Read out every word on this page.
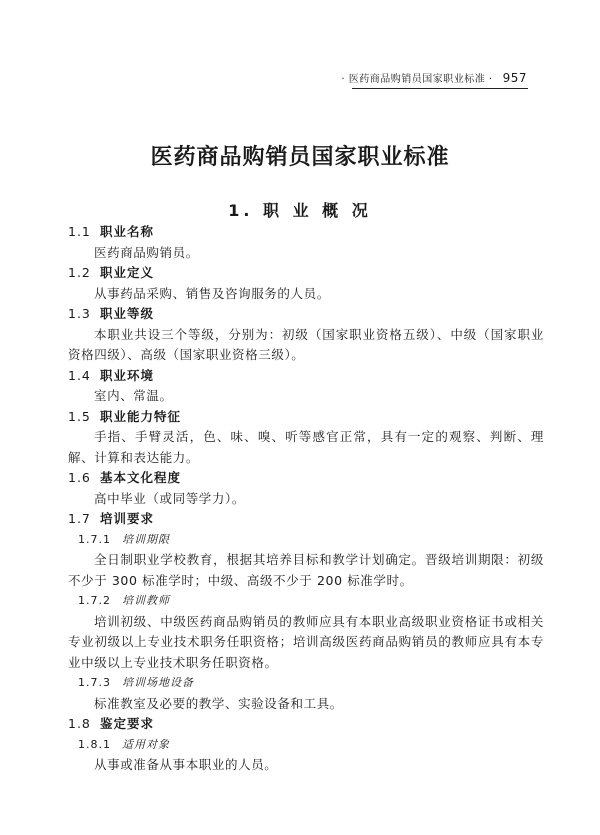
· 医药商品购销员国家职业标准 · 957
医药商品购销员国家职业标准
1. 职 业 概 况
1.1 职业名称
医药商品购销员。
1.2 职业定义
从事药品采购、销售及咨询服务的人员。
1.3 职业等级
本职业共设三个等级，分别为：初级（国家职业资格五级）、中级（国家职业资格四级）、高级（国家职业资格三级）。
1.4 职业环境
室内、常温。
1.5 职业能力特征
手指、手臂灵活，色、味、嗅、听等感官正常，具有一定的观察、判断、理解、计算和表达能力。
1.6 基本文化程度
高中毕业（或同等学力）。
1.7 培训要求
1.7.1 培训期限
全日制职业学校教育，根据其培养目标和教学计划确定。晋级培训期限：初级不少于 300 标准学时；中级、高级不少于 200 标准学时。
1.7.2 培训教师
培训初级、中级医药商品购销员的教师应具有本职业高级职业资格证书或相关专业初级以上专业技术职务任职资格；培训高级医药商品购销员的教师应具有本专业中级以上专业技术职务任职资格。
1.7.3 培训场地设备
标准教室及必要的教学、实验设备和工具。
1.8 鉴定要求
1.8.1 适用对象
从事或准备从事本职业的人员。
